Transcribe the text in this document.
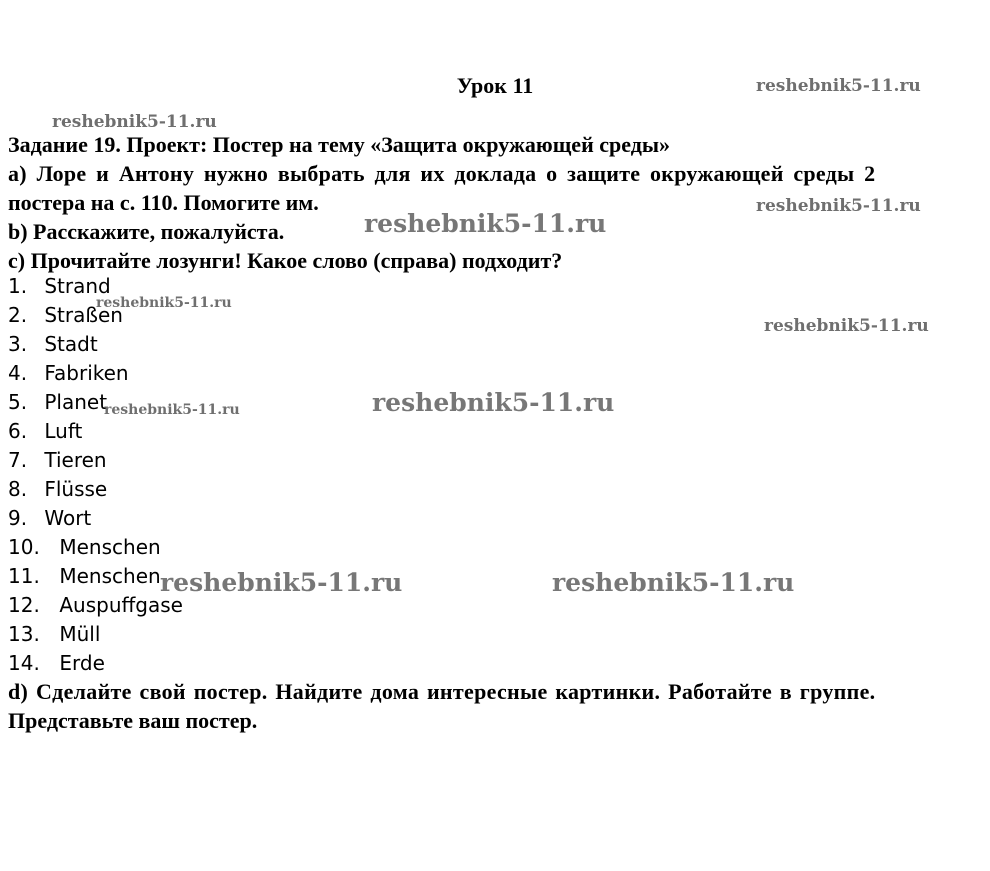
Урок 11
Задание 19. Проект: Постер на тему «Защита окружающей среды»
a) Лоре и Антону нужно выбрать для их доклада о защите окружающей среды 2
постера на с. 110. Помогите им.
b) Расскажите, пожалуйста.
c) Прочитайте лозунги! Какое слово (справа) подходит?
1.
Strand
2.
Straßen
3.
Stadt
4.
Fabriken
5.
Planet
6.
Luft
7.
Tieren
8.
Flüsse
9.
Wort
10.
Menschen
11.
Menschen
12.
Auspuffgase
13.
Müll
14.
Erde
d) Сделайте свой постер. Найдите дома интересные картинки. Работайте в группе.
Представьте ваш постер.
reshebnik5-11.ru
reshebnik5-11.ru
reshebnik5-11.ru
reshebnik5-11.ru
reshebnik5-11.ru
reshebnik5-11.ru
reshebnik5-11.ru	reshebnik5-11.ru
reshebnik5-11.ru	reshebnik5-11.ru
